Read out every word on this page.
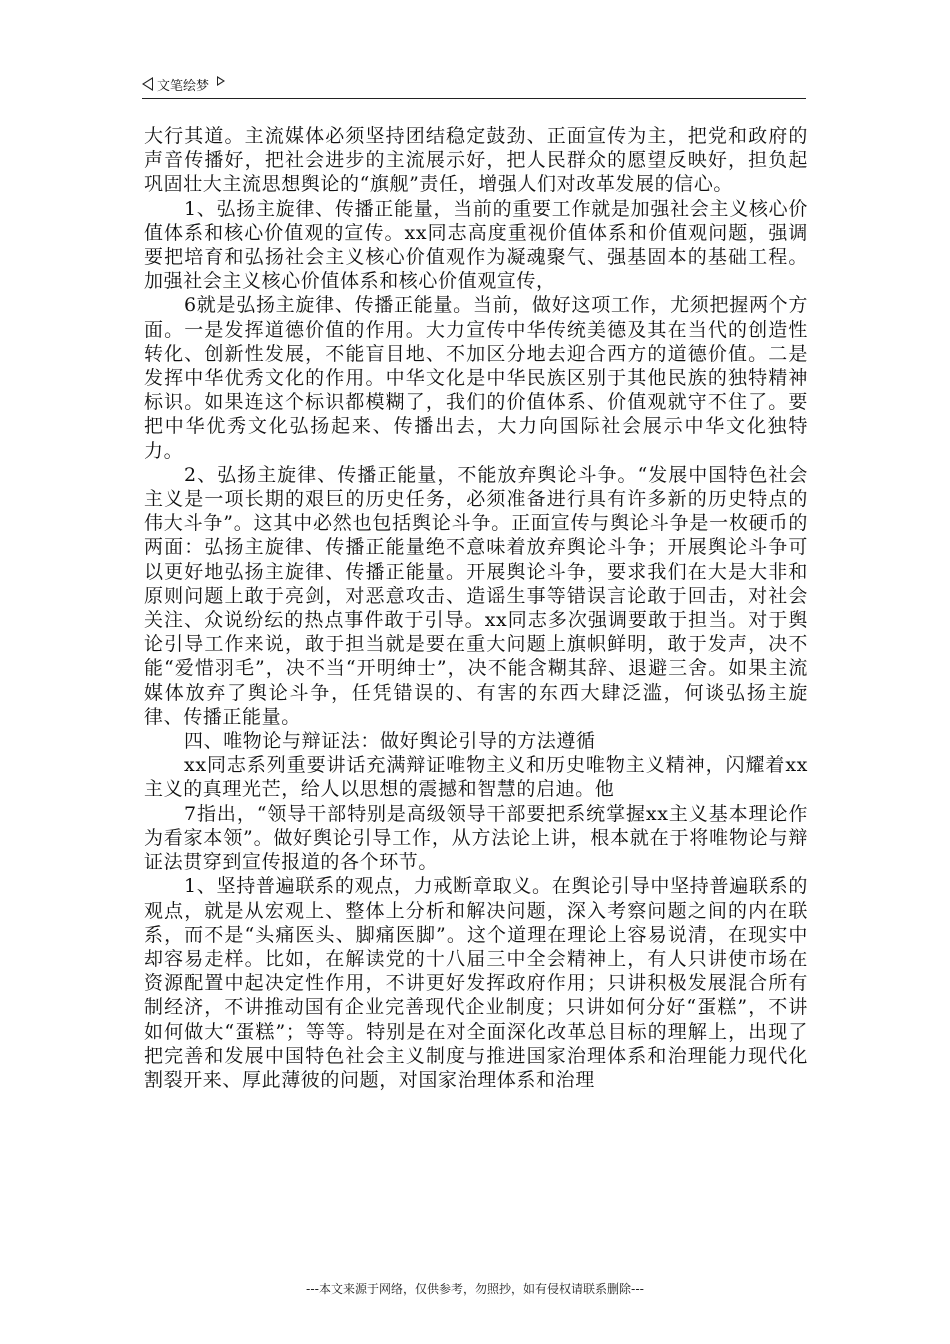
文笔绘梦

大行其道。主流媒体必须坚持团结稳定鼓劲、正面宣传为主，把党和政府的声音传播好，把社会进步的主流展示好，把人民群众的愿望反映好，担负起巩固壮大主流思想舆论的“旗舰”责任，增强人们对改革发展的信心。

1、弘扬主旋律、传播正能量，当前的重要工作就是加强社会主义核心价值体系和核心价值观的宣传。xx同志高度重视价值体系和价值观问题，强调要把培育和弘扬社会主义核心价值观作为凝魂聚气、强基固本的基础工程。加强社会主义核心价值体系和核心价值观宣传，

6就是弘扬主旋律、传播正能量。当前，做好这项工作，尤须把握两个方面。一是发挥道德价值的作用。大力宣传中华传统美德及其在当代的创造性转化、创新性发展，不能盲目地、不加区分地去迎合西方的道德价值。二是发挥中华优秀文化的作用。中华文化是中华民族区别于其他民族的独特精神标识。如果连这个标识都模糊了，我们的价值体系、价值观就守不住了。要把中华优秀文化弘扬起来、传播出去，大力向国际社会展示中华文化独特力。

2、弘扬主旋律、传播正能量，不能放弃舆论斗争。“发展中国特色社会主义是一项长期的艰巨的历史任务，必须准备进行具有许多新的历史特点的伟大斗争”。这其中必然也包括舆论斗争。正面宣传与舆论斗争是一枚硬币的两面：弘扬主旋律、传播正能量绝不意味着放弃舆论斗争；开展舆论斗争可以更好地弘扬主旋律、传播正能量。开展舆论斗争，要求我们在大是大非和原则问题上敢于亮剑，对恶意攻击、造谣生事等错误言论敢于回击，对社会关注、众说纷纭的热点事件敢于引导。xx同志多次强调要敢于担当。对于舆论引导工作来说，敢于担当就是要在重大问题上旗帜鲜明，敢于发声，决不能“爱惜羽毛”，决不当“开明绅士”，决不能含糊其辞、退避三舍。如果主流媒体放弃了舆论斗争，任凭错误的、有害的东西大肆泛滥，何谈弘扬主旋律、传播正能量。

四、唯物论与辩证法：做好舆论引导的方法遵循

xx同志系列重要讲话充满辩证唯物主义和历史唯物主义精神，闪耀着xx主义的真理光芒，给人以思想的震撼和智慧的启迪。他

7指出，“领导干部特别是高级领导干部要把系统掌握xx主义基本理论作为看家本领”。做好舆论引导工作，从方法论上讲，根本就在于将唯物论与辩证法贯穿到宣传报道的各个环节。

1、坚持普遍联系的观点，力戒断章取义。在舆论引导中坚持普遍联系的观点，就是从宏观上、整体上分析和解决问题，深入考察问题之间的内在联系，而不是“头痛医头、脚痛医脚”。这个道理在理论上容易说清，在现实中却容易走样。比如，在解读党的十八届三中全会精神上，有人只讲使市场在资源配置中起决定性作用，不讲更好发挥政府作用；只讲积极发展混合所有制经济，不讲推动国有企业完善现代企业制度；只讲如何分好“蛋糕”，不讲如何做大“蛋糕”；等等。特别是在对全面深化改革总目标的理解上，出现了把完善和发展中国特色社会主义制度与推进国家治理体系和治理能力现代化割裂开来、厚此薄彼的问题，对国家治理体系和治理

---本文来源于网络，仅供参考，勿照抄，如有侵权请联系删除---
